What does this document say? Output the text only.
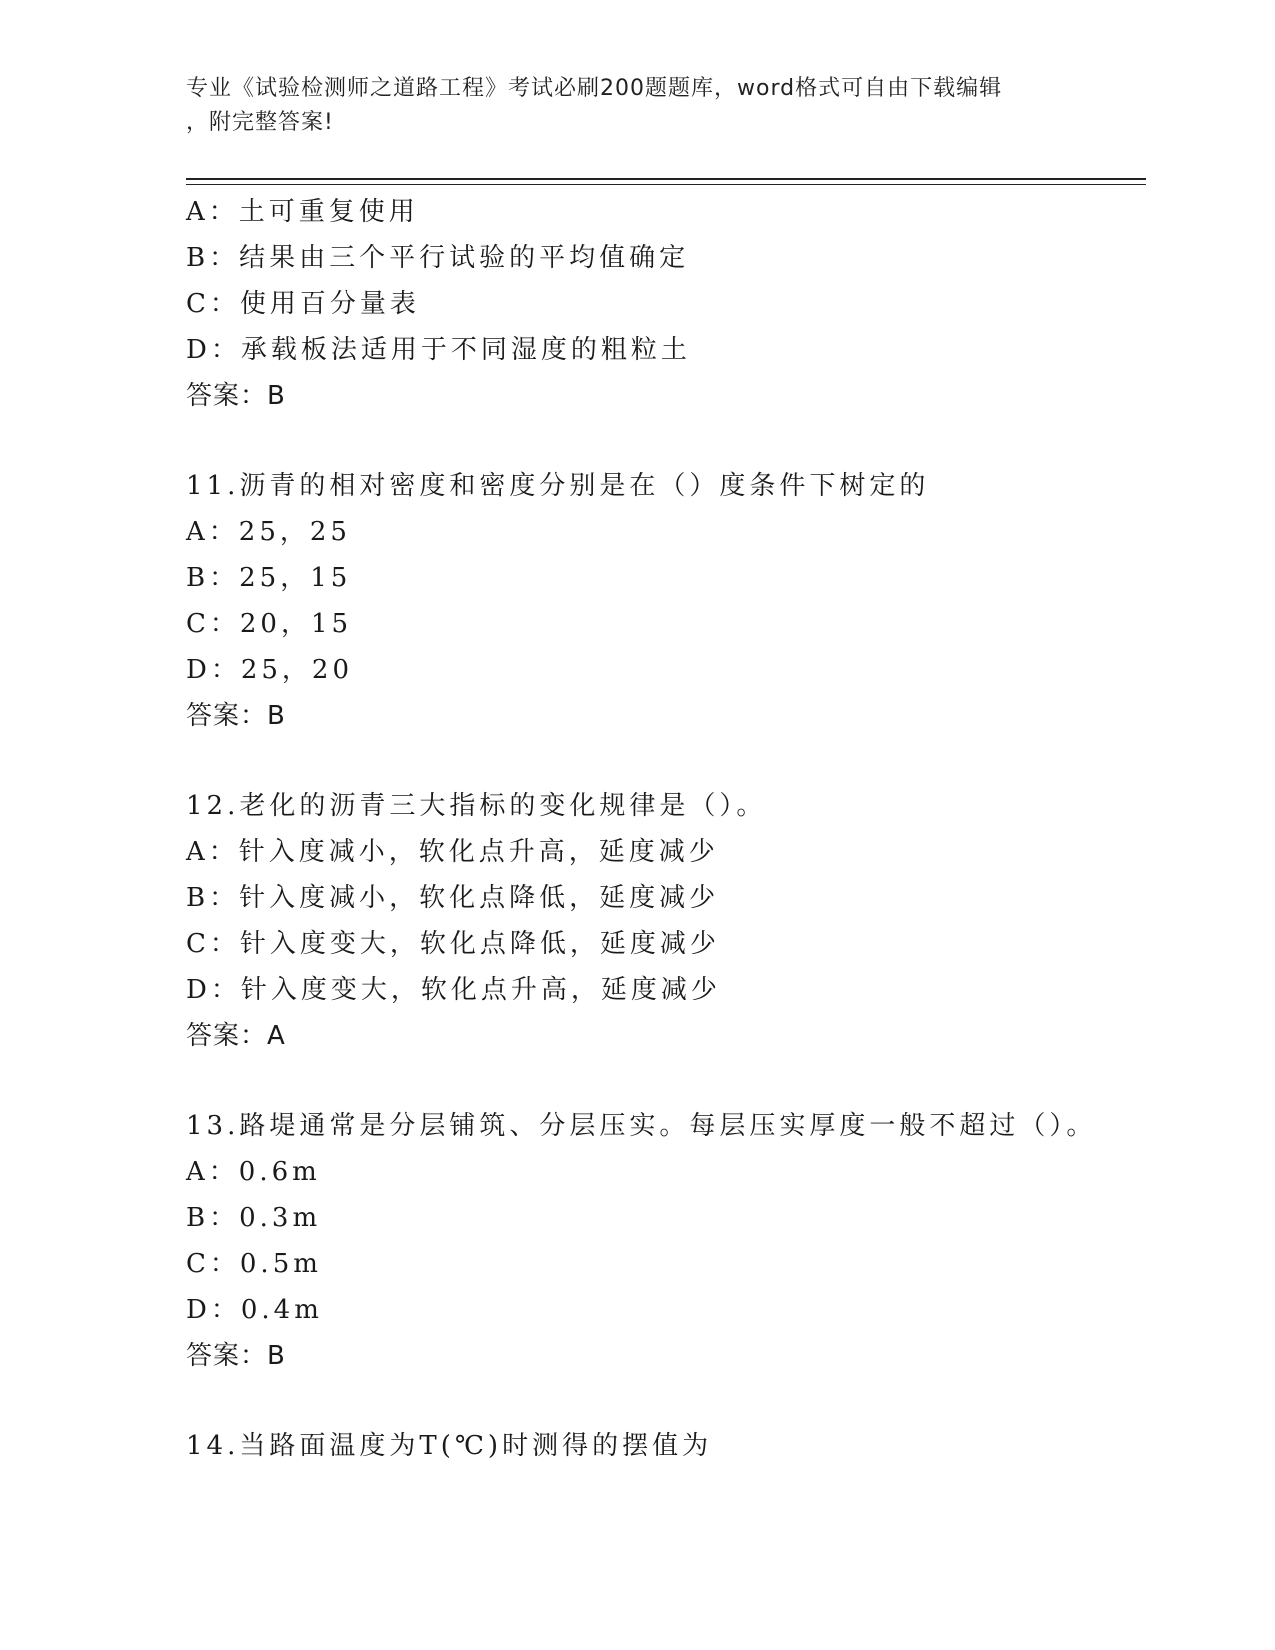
专业《试验检测师之道路工程》考试必刷200题题库，word格式可自由下载编辑
，附完整答案!
A：土可重复使用
B：结果由三个平行试验的平均值确定
C：使用百分量表
D：承载板法适用于不同湿度的粗粒土
答案：B
11.沥青的相对密度和密度分别是在（）度条件下树定的
A：25，25
B：25，15
C：20，15
D：25，20
答案：B
12.老化的沥青三大指标的变化规律是（）。
A：针入度减小，软化点升高，延度减少
B：针入度减小，软化点降低，延度减少
C：针入度变大，软化点降低，延度减少
D：针入度变大，软化点升高，延度减少
答案：A
13.路堤通常是分层铺筑、分层压实。每层压实厚度一般不超过（）。
A：0.6m
B：0.3m
C：0.5m
D：0.4m
答案：B
14.当路面温度为T(℃)时测得的摆值为
